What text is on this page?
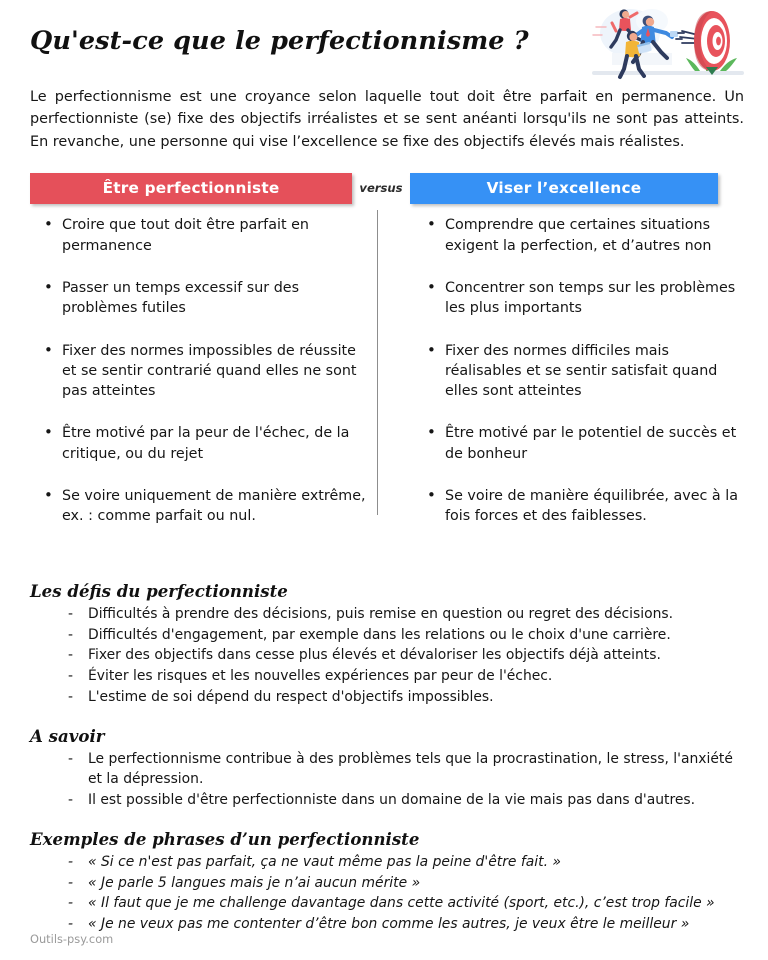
Qu'est-ce que le perfectionnisme ?

Le perfectionnisme est une croyance selon laquelle tout doit être parfait en permanence. Un perfectionniste (se) fixe des objectifs irréalistes et se sent anéanti lorsqu'ils ne sont pas atteints. En revanche, une personne qui vise l’excellence se fixe des objectifs élevés mais réalistes.

Être perfectionniste	versus	Viser l’excellence
• Croire que tout doit être parfait en permanence
• Passer un temps excessif sur des problèmes futiles
• Fixer des normes impossibles de réussite et se sentir contrarié quand elles ne sont pas atteintes
• Être motivé par la peur de l'échec, de la critique, ou du rejet
• Se voire uniquement de manière extrême, ex. : comme parfait ou nul.
• Comprendre que certaines situations exigent la perfection, et d’autres non
• Concentrer son temps sur les problèmes les plus importants
• Fixer des normes difficiles mais réalisables et se sentir satisfait quand elles sont atteintes
• Être motivé par le potentiel de succès et de bonheur
• Se voire de manière équilibrée, avec à la fois forces et des faiblesses.
Les défis du perfectionniste
- Difficultés à prendre des décisions, puis remise en question ou regret des décisions.
- Difficultés d'engagement, par exemple dans les relations ou le choix d'une carrière.
- Fixer des objectifs dans cesse plus élevés et dévaloriser les objectifs déjà atteints.
- Éviter les risques et les nouvelles expériences par peur de l'échec.
- L'estime de soi dépend du respect d'objectifs impossibles.
A savoir
- Le perfectionnisme contribue à des problèmes tels que la procrastination, le stress, l'anxiété et la dépression.
- Il est possible d'être perfectionniste dans un domaine de la vie mais pas dans d'autres.
Exemples de phrases d’un perfectionniste
- « Si ce n'est pas parfait, ça ne vaut même pas la peine d'être fait. »
- « Je parle 5 langues mais je n’ai aucun mérite »
- « Il faut que je me challenge davantage dans cette activité (sport, etc.), c’est trop facile »
- « Je ne veux pas me contenter d’être bon comme les autres, je veux être le meilleur »
Outils-psy.com
